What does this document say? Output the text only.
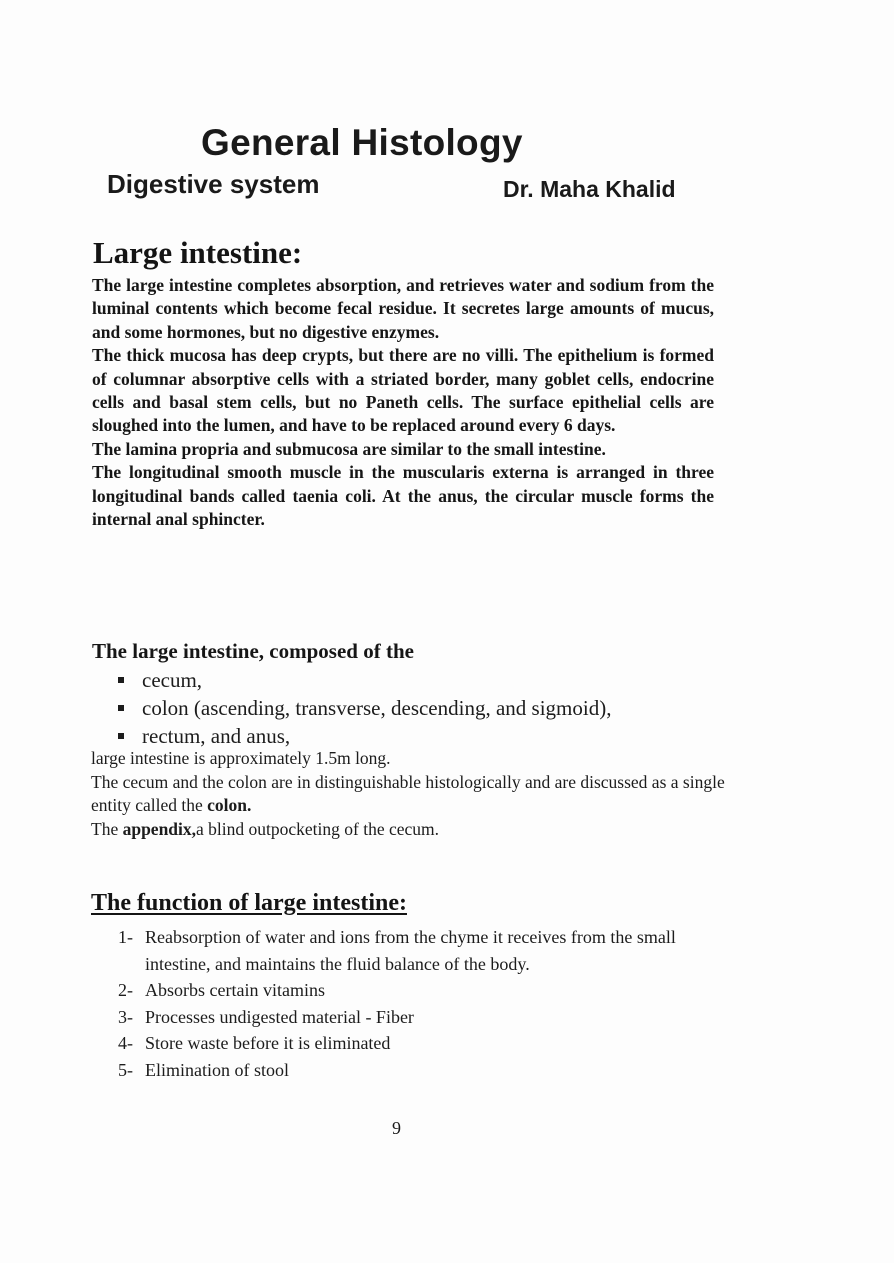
General Histology
Digestive system	Dr. Maha Khalid
Large intestine:

The large intestine completes absorption, and retrieves water and sodium from the luminal contents which become fecal residue. It secretes large amounts of mucus, and some hormones, but no digestive enzymes.

The thick mucosa has deep crypts, but there are no villi. The epithelium is formed of columnar absorptive cells with a striated border, many goblet cells, endocrine cells and basal stem cells, but no Paneth cells. The surface epithelial cells are sloughed into the lumen, and have to be replaced around every 6 days.

The lamina propria and submucosa are similar to the small intestine.

The longitudinal smooth muscle in the muscularis externa is arranged in three longitudinal bands called taenia coli. At the anus, the circular muscle forms the internal anal sphincter.

The large intestine, composed of the
cecum,
colon (ascending, transverse, descending, and sigmoid),
rectum, and anus,

large intestine is approximately 1.5m long.

The cecum and the colon are in distinguishable histologically and are discussed as a single entity called the colon.

The appendix,a blind outpocketing of the cecum.

The function of large intestine:
1- Reabsorption of water and ions from the chyme it receives from the small intestine, and maintains the fluid balance of the body.
2- Absorbs certain vitamins
3- Processes undigested material - Fiber
4- Store waste before it is eliminated
5- Elimination of stool
9
